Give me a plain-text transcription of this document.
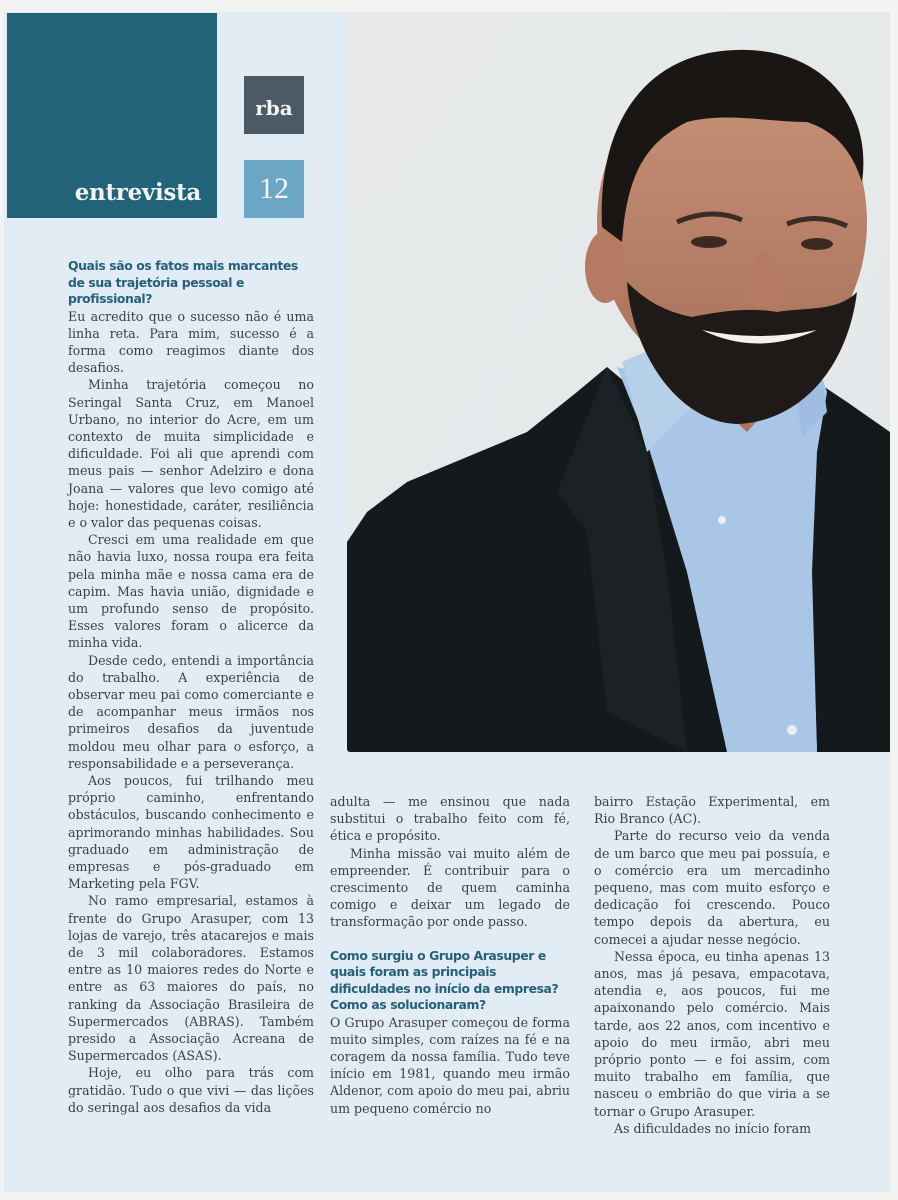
entrevista
rba
12

Quais são os fatos mais marcantes de sua trajetória pessoal e profissional?

Eu acredito que o sucesso não é uma linha reta. Para mim, sucesso é a forma como reagimos diante dos desafios.

Minha trajetória começou no Seringal Santa Cruz, em Manoel Urbano, no interior do Acre, em um contexto de muita simplicidade e dificuldade. Foi ali que aprendi com meus pais — senhor Adelziro e dona Joana — valores que levo comigo até hoje: honestidade, caráter, resiliência e o valor das pequenas coisas.

Cresci em uma realidade em que não havia luxo, nossa roupa era feita pela minha mãe e nossa cama era de capim. Mas havia união, dignidade e um profundo senso de propósito. Esses valores foram o alicerce da minha vida.

Desde cedo, entendi a importância do trabalho. A experiência de observar meu pai como comerciante e de acompanhar meus irmãos nos primeiros desafios da juventude moldou meu olhar para o esforço, a responsabilidade e a perseverança.

Aos poucos, fui trilhando meu próprio caminho, enfrentando obstáculos, buscando conhecimento e aprimorando minhas habilidades. Sou graduado em administração de empresas e pós-graduado em Marketing pela FGV.

No ramo empresarial, estamos à frente do Grupo Arasuper, com 13 lojas de varejo, três atacarejos e mais de 3 mil colaboradores. Estamos entre as 10 maiores redes do Norte e entre as 63 maiores do país, no ranking da Associação Brasileira de Supermercados (ABRAS). Também presido a Associação Acreana de Supermercados (ASAS).

Hoje, eu olho para trás com gratidão. Tudo o que vivi — das lições do seringal aos desafios da vida

adulta — me ensinou que nada substitui o trabalho feito com fé, ética e propósito.

Minha missão vai muito além de empreender. É contribuir para o crescimento de quem caminha comigo e deixar um legado de transformação por onde passo.

Como surgiu o Grupo Arasuper e quais foram as principais dificuldades no início da empresa? Como as solucionaram?

O Grupo Arasuper começou de forma muito simples, com raízes na fé e na coragem da nossa família. Tudo teve início em 1981, quando meu irmão Aldenor, com apoio do meu pai, abriu um pequeno comércio no

bairro Estação Experimental, em Rio Branco (AC).

Parte do recurso veio da venda de um barco que meu pai possuía, e o comércio era um mercadinho pequeno, mas com muito esforço e dedicação foi crescendo. Pouco tempo depois da abertura, eu comecei a ajudar nesse negócio.

Nessa época, eu tinha apenas 13 anos, mas já pesava, empacotava, atendia e, aos poucos, fui me apaixonando pelo comércio. Mais tarde, aos 22 anos, com incentivo e apoio do meu irmão, abri meu próprio ponto — e foi assim, com muito trabalho em família, que nasceu o embrião do que viria a se tornar o Grupo Arasuper.

As dificuldades no início foram
